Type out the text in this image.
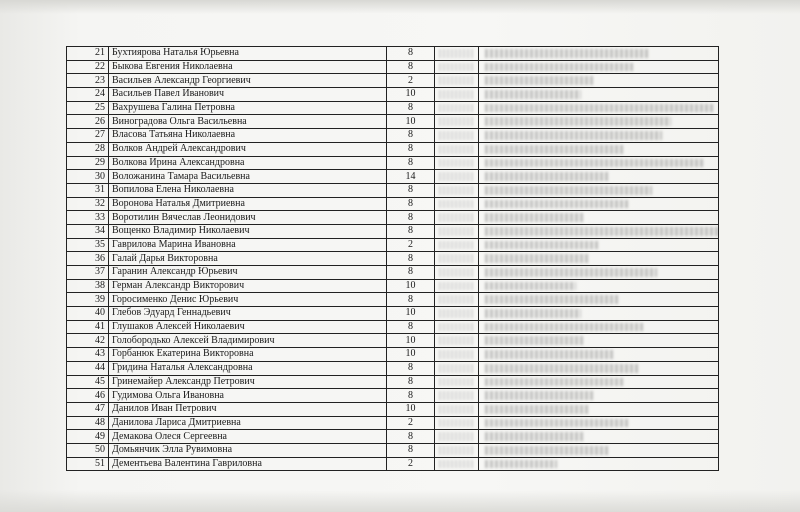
21	Бухтиярова Наталья Юрьевна	8		
22	Быкова Евгения Николаевна	8		
23	Васильев Александр Георгиевич	2		
24	Васильев Павел Иванович	10		
25	Вахрушева Галина Петровна	8		
26	Виноградова Ольга Васильевна	10		
27	Власова Татьяна Николаевна	8		
28	Волков Андрей Александрович	8		
29	Волкова Ирина Александровна	8		
30	Воложанина Тамара Васильевна	14		
31	Вопилова Елена Николаевна	8		
32	Воронова Наталья Дмитриевна	8		
33	Воротилин Вячеслав Леонидович	8		
34	Вощенко Владимир Николаевич	8		
35	Гаврилова Марина Ивановна	2		
36	Галай Дарья Викторовна	8		
37	Гаранин Александр Юрьевич	8		
38	Герман Александр Викторович	10		
39	Горосименко Денис Юрьевич	8		
40	Глебов Эдуард Геннадьевич	10		
41	Глушаков Алексей Николаевич	8		
42	Голобородько Алексей Владимирович	10		
43	Горбанюк Екатерина Викторовна	10		
44	Гридина Наталья Александровна	8		
45	Гринемайер Александр Петрович	8		
46	Гудимова Ольга Ивановна	8		
47	Данилов Иван Петрович	10		
48	Данилова Лариса Дмитриевна	2		
49	Демакова Олеся Сергеевна	8		
50	Домьянчик Элла Рувимовна	8		
51	Дементьева Валентина Гавриловна	2		
